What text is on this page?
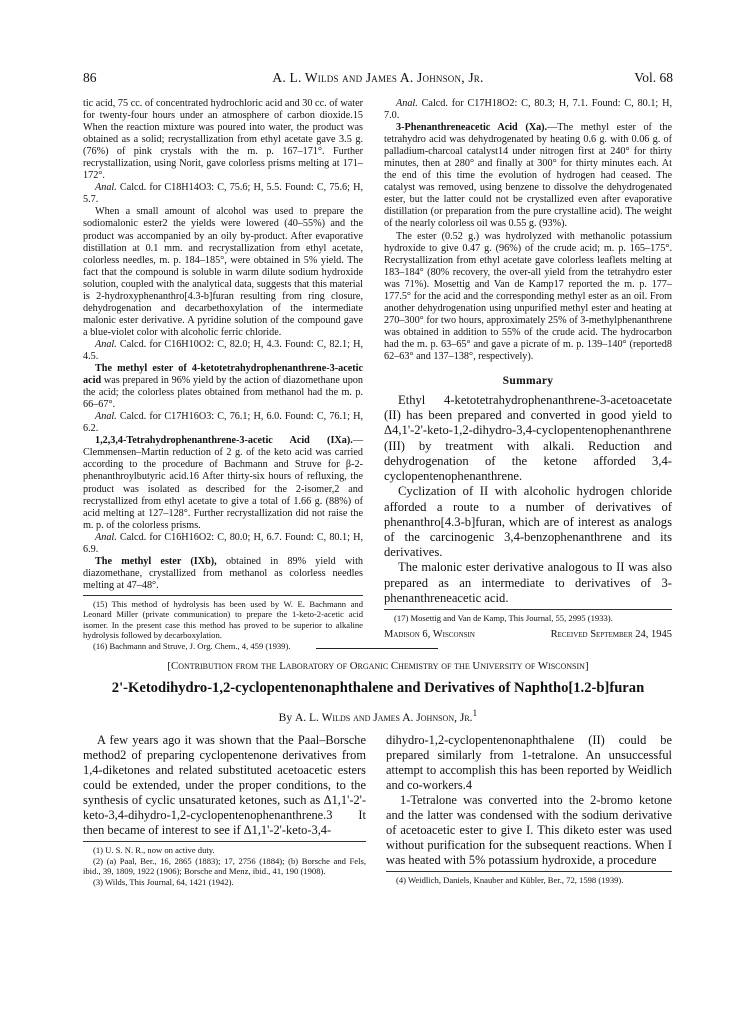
86	A. L. Wilds and James A. Johnson, Jr.	Vol. 68

tic acid, 75 cc. of concentrated hydrochloric acid and 30 cc. of water for twenty-four hours under an atmosphere of carbon dioxide.15 When the reaction mixture was poured into water, the product was obtained as a solid; recrystallization from ethyl acetate gave 3.5 g. (76%) of pink crystals with the m. p. 167–171°. Further recrystallization, using Norit, gave colorless prisms melting at 171–172°.

Anal. Calcd. for C18H14O3: C, 75.6; H, 5.5. Found: C, 75.6; H, 5.7.

When a small amount of alcohol was used to prepare the sodiomalonic ester2 the yields were lowered (40–55%) and the product was accompanied by an oily by-product. After evaporative distillation at 0.1 mm. and recrystallization from ethyl acetate, colorless needles, m. p. 184–185°, were obtained in 5% yield. The fact that the compound is soluble in warm dilute sodium hydroxide solution, coupled with the analytical data, suggests that this material is 2-hydroxyphenanthro[4.3-b]furan resulting from ring closure, dehydrogenation and decarbethoxylation of the intermediate malonic ester derivative. A pyridine solution of the compound gave a blue-violet color with alcoholic ferric chloride.

Anal. Calcd. for C16H10O2: C, 82.0; H, 4.3. Found: C, 82.1; H, 4.5.

The methyl ester of 4-ketotetrahydrophenanthrene-3-acetic acid was prepared in 96% yield by the action of diazomethane upon the acid; the colorless plates obtained from methanol had the m. p. 66–67°.

Anal. Calcd. for C17H16O3: C, 76.1; H, 6.0. Found: C, 76.1; H, 6.2.

1,2,3,4-Tetrahydrophenanthrene-3-acetic Acid (IXa).—Clemmensen–Martin reduction of 2 g. of the keto acid was carried according to the procedure of Bachmann and Struve for β-2-phenanthroylbutyric acid.16 After thirty-six hours of refluxing, the product was isolated as described for the 2-isomer,2 and recrystallized from ethyl acetate to give a total of 1.66 g. (88%) of acid melting at 127–128°. Further recrystallization did not raise the m. p. of the colorless prisms.

Anal. Calcd. for C16H16O2: C, 80.0; H, 6.7. Found: C, 80.1; H, 6.9.

The methyl ester (IXb), obtained in 89% yield with diazomethane, crystallized from methanol as colorless needles melting at 47–48°.

(15) This method of hydrolysis has been used by W. E. Bachmann and Leonard Miller (private communication) to prepare the 1-keto-2-acetic acid isomer. In the present case this method has proved to be superior to alkaline hydrolysis followed by decarboxylation.

(16) Bachmann and Struve, J. Org. Chem., 4, 459 (1939).

Anal. Calcd. for C17H18O2: C, 80.3; H, 7.1. Found: C, 80.1; H, 7.0.

3-Phenanthreneacetic Acid (Xa).—The methyl ester of the tetrahydro acid was dehydrogenated by heating 0.6 g. with 0.06 g. of palladium-charcoal catalyst14 under nitrogen first at 240° for thirty minutes, then at 280° and finally at 300° for thirty minutes each. At the end of this time the evolution of hydrogen had ceased. The catalyst was removed, using benzene to dissolve the dehydrogenated ester, but the latter could not be crystallized even after evaporative distillation (or preparation from the pure crystalline acid). The weight of the nearly colorless oil was 0.55 g. (93%).

The ester (0.52 g.) was hydrolyzed with methanolic potassium hydroxide to give 0.47 g. (96%) of the crude acid; m. p. 165–175°. Recrystallization from ethyl acetate gave colorless leaflets melting at 183–184° (80% recovery, the over-all yield from the tetrahydro ester was 71%). Mosettig and Van de Kamp17 reported the m. p. 177–177.5° for the acid and the corresponding methyl ester as an oil. From another dehydrogenation using unpurified methyl ester and heating at 270–300° for two hours, approximately 25% of 3-methylphenanthrene was obtained in addition to 55% of the crude acid. The hydrocarbon had the m. p. 63–65° and gave a picrate of m. p. 139–140° (reported8 62–63° and 137–138°, respectively).

Summary

Ethyl 4-ketotetrahydrophenanthrene-3-acetoacetate (II) has been prepared and converted in good yield to Δ4,1'-2'-keto-1,2-dihydro-3,4-cyclopentenophenanthrene (III) by treatment with alkali. Reduction and dehydrogenation of the ketone afforded 3,4-cyclopentenophenanthrene.

Cyclization of II with alcoholic hydrogen chloride afforded a route to a number of derivatives of phenanthro[4.3-b]furan, which are of interest as analogs of the carcinogenic 3,4-benzophenanthrene and its derivatives.

The malonic ester derivative analogous to II was also prepared as an intermediate to derivatives of 3-phenanthreneacetic acid.

(17) Mosettig and Van de Kamp, This Journal, 55, 2995 (1933).

Madison 6, Wisconsin	Received September 24, 1945
[Contribution from the Laboratory of Organic Chemistry of the University of Wisconsin]
2'-Ketodihydro-1,2-cyclopentenonaphthalene and Derivatives of Naphtho[1.2-b]furan
By A. L. Wilds and James A. Johnson, Jr.$^1$

A few years ago it was shown that the Paal–Borsche method2 of preparing cyclopentenone derivatives from 1,4-diketones and related substituted acetoacetic esters could be extended, under the proper conditions, to the synthesis of cyclic unsaturated ketones, such as Δ1,1'-2'-keto-3,4-dihydro-1,2-cyclopentenophenanthrene.3 It then became of interest to see if Δ1,1'-2'-keto-3,4-

(1) U. S. N. R., now on active duty.

(2) (a) Paal, Ber., 16, 2865 (1883); 17, 2756 (1884); (b) Borsche and Fels, ibid., 39, 1809, 1922 (1906); Borsche and Menz, ibid., 41, 190 (1908).

(3) Wilds, This Journal, 64, 1421 (1942).

dihydro-1,2-cyclopentenonaphthalene (II) could be prepared similarly from 1-tetralone. An unsuccessful attempt to accomplish this has been reported by Weidlich and co-workers.4

1-Tetralone was converted into the 2-bromo ketone and the latter was condensed with the sodium derivative of acetoacetic ester to give I. This diketo ester was used without purification for the subsequent reactions. When I was heated with 5% potassium hydroxide, a procedure

(4) Weidlich, Daniels, Knauber and Kübler, Ber., 72, 1598 (1939).
